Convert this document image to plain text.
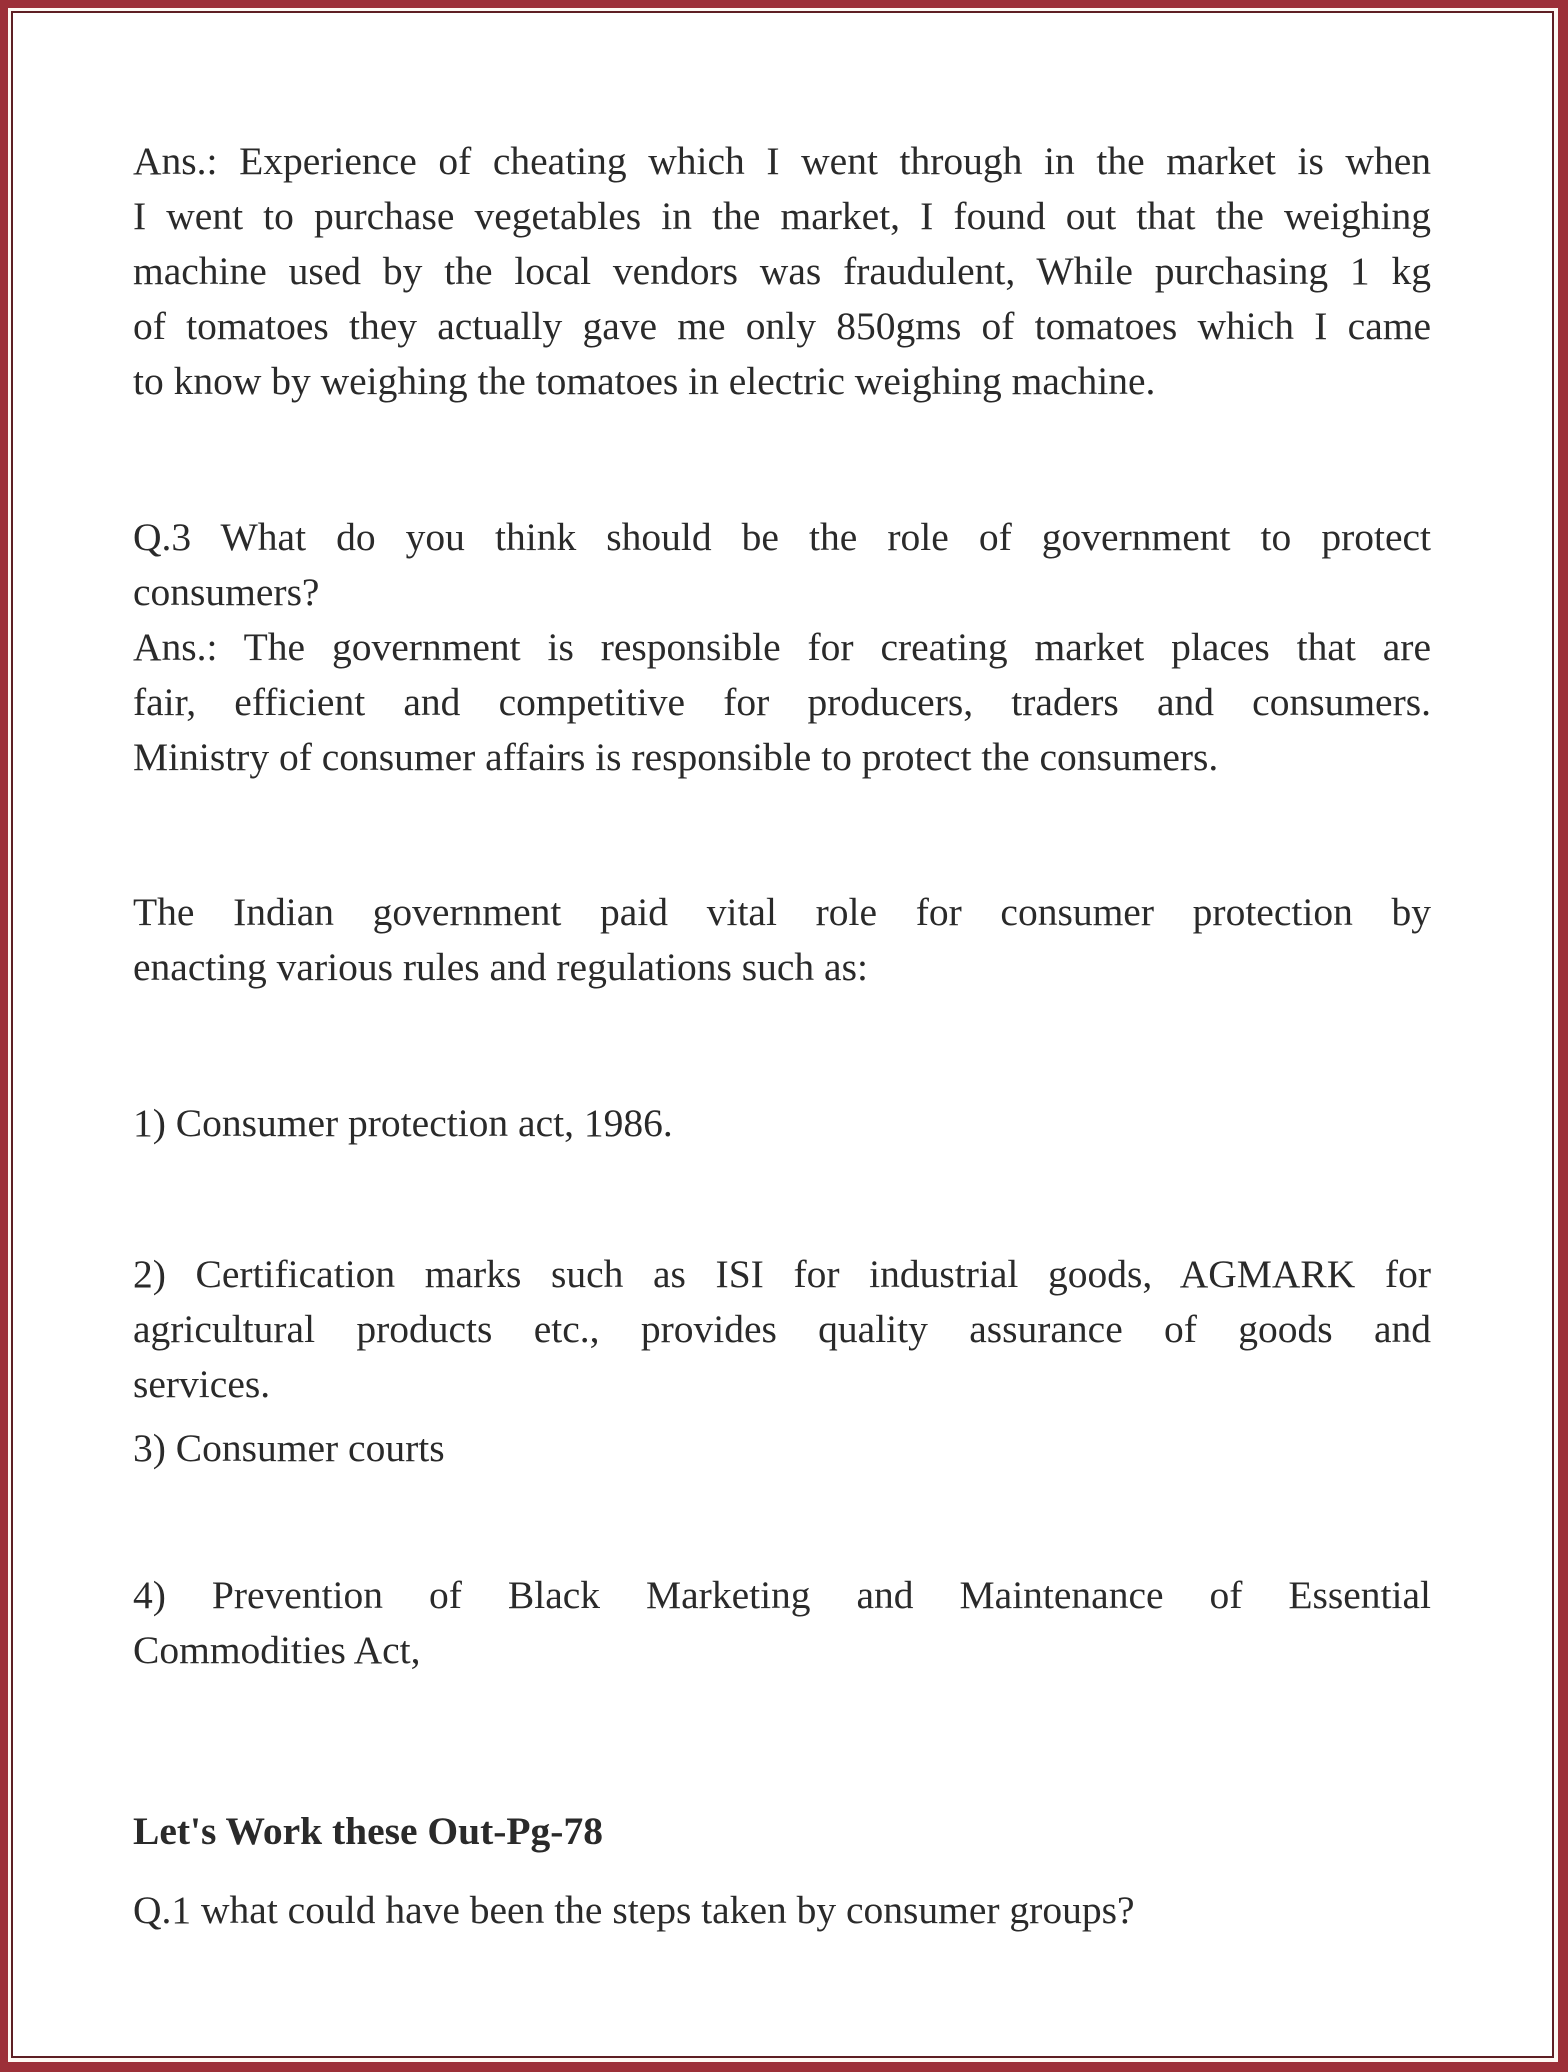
Ans.: Experience of cheating which I went through in the market is when
I went to purchase vegetables in the market, I found out that the weighing
machine used by the local vendors was fraudulent, While purchasing 1 kg
of tomatoes they actually gave me only 850gms of tomatoes which I came
to know by weighing the tomatoes in electric weighing machine.
Q.3 What do you think should be the role of government to protect
consumers?
Ans.: The government is responsible for creating market places that are
fair, efficient and competitive for producers, traders and consumers.
Ministry of consumer affairs is responsible to protect the consumers.
The Indian government paid vital role for consumer protection by
enacting various rules and regulations such as:
1) Consumer protection act, 1986.
2) Certification marks such as ISI for industrial goods, AGMARK for
agricultural products etc., provides quality assurance of goods and
services.
3) Consumer courts
4) Prevention of Black Marketing and Maintenance of Essential
Commodities Act,
Let's Work these Out-Pg-78
Q.1 what could have been the steps taken by consumer groups?
